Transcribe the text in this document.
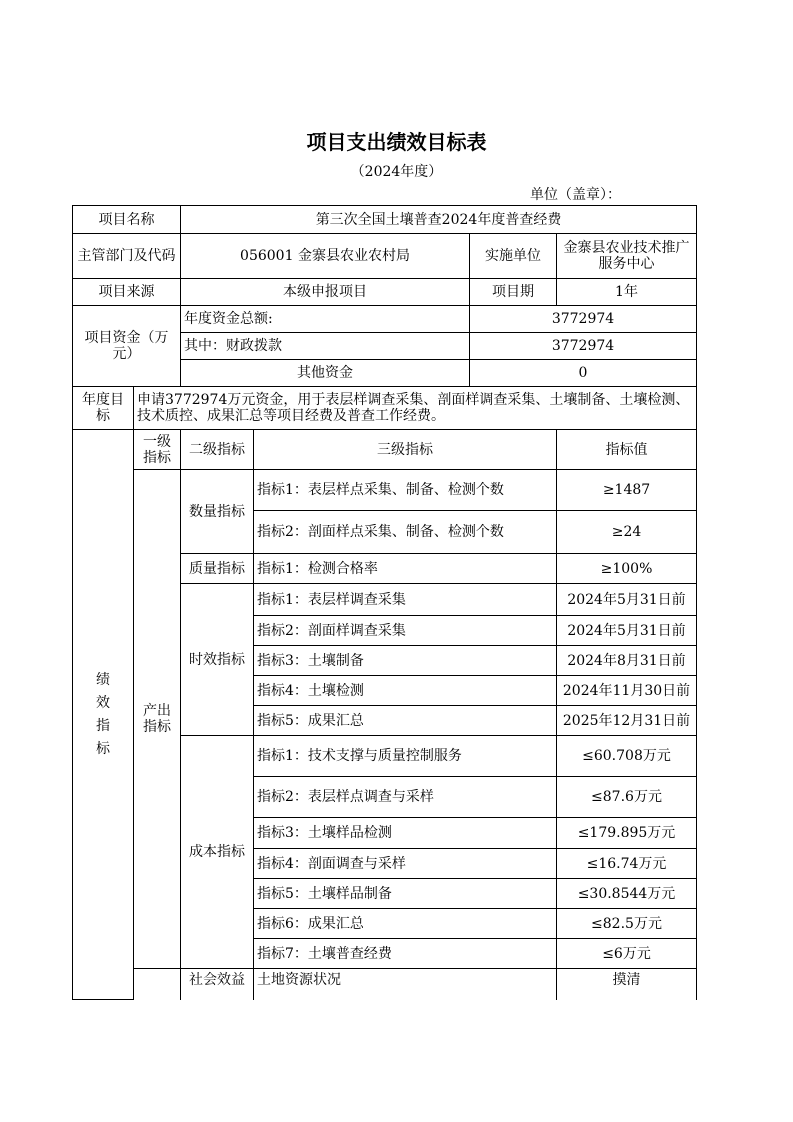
项目支出绩效目标表
（2024年度）
单位（盖章）：
项目名称		第三次全国土壤普查2024年度普查经费			
主管部门及代码		056001 金寨县农业农村局		实施单位	金寨县农业技术推广服务中心
项目来源		本级申报项目		项目期	1年
项目资金（万元）		年度资金总额:		3772974	
		其中：财政拨款		3772974	
		其他资金		0	
年度目标	申请3772974万元资金，用于表层样调查采集、剖面样调查采集、土壤制备、土壤检测、技术质控、成果汇总等项目经费及普查工作经费。				
绩效指标	一级指标	二级指标	三级指标		指标值
	产出指标	数量指标	指标1：表层样点采集、制备、检测个数		≥1487
			指标2：剖面样点采集、制备、检测个数		≥24
		质量指标	指标1：检测合格率		≥100%
		时效指标	指标1：表层样调查采集		2024年5月31日前
			指标2：剖面样调查采集		2024年5月31日前
			指标3：土壤制备		2024年8月31日前
			指标4：土壤检测		2024年11月30日前
			指标5：成果汇总		2025年12月31日前
		成本指标	指标1：技术支撑与质量控制服务		≤60.708万元
			指标2：表层样点调查与采样		≤87.6万元
			指标3：土壤样品检测		≤179.895万元
			指标4：剖面调查与采样		≤16.74万元
			指标5：土壤样品制备		≤30.8544万元
			指标6：成果汇总		≤82.5万元
			指标7：土壤普查经费		≤6万元
		社会效益	土地资源状况		摸清
